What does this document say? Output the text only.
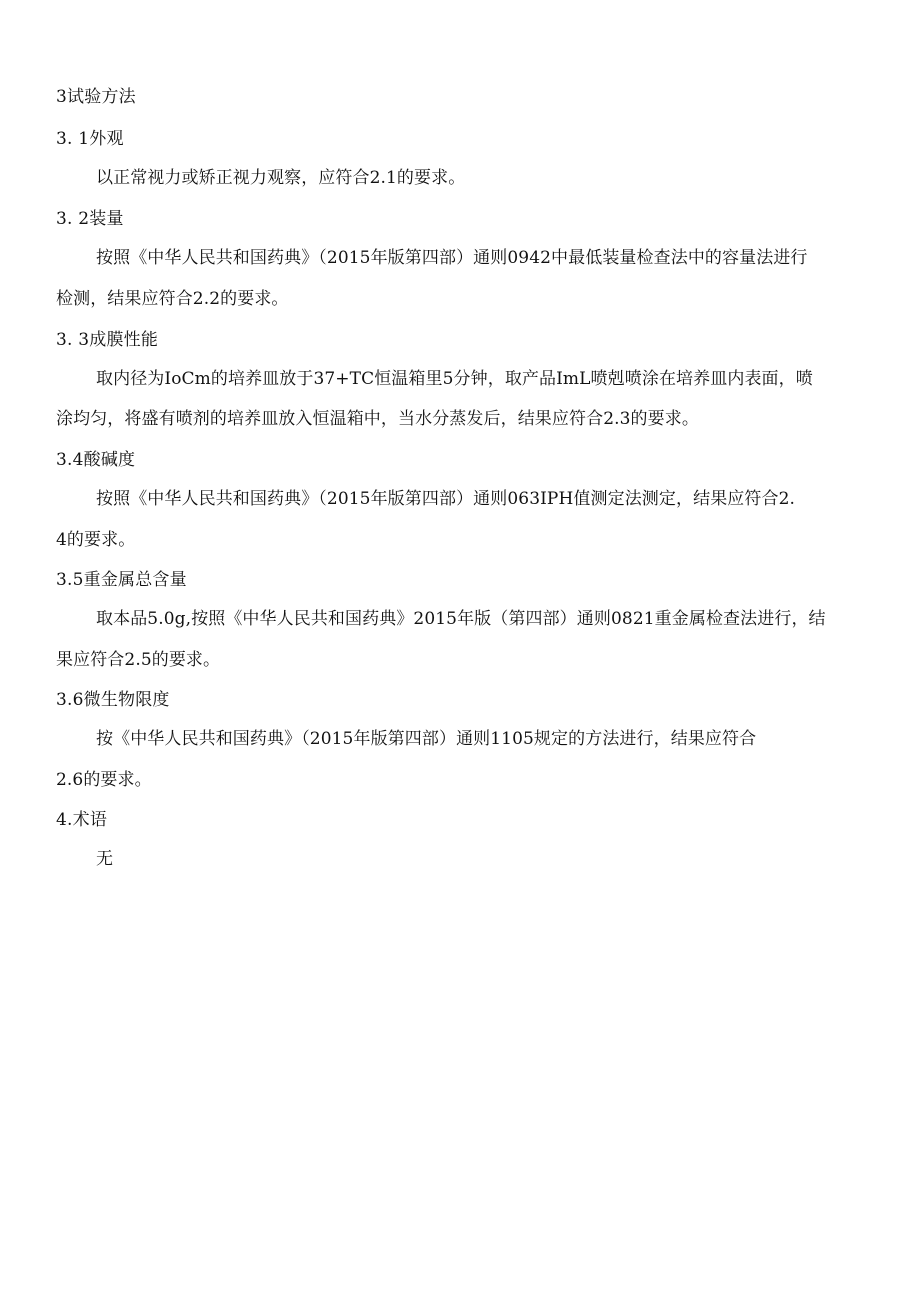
3试验方法
3. 1外观
以正常视力或矫正视力观察，应符合2.1的要求。
3. 2装量
按照《中华人民共和国药典》（2015年版第四部）通则0942中最低装量检查法中的容量法进行
检测，结果应符合2.2的要求。
3. 3成膜性能
取内径为IoCm的培养皿放于37+TC恒温箱里5分钟，取产品ImL喷剋喷涂在培养皿内表面，喷
涂均匀，将盛有喷剂的培养皿放入恒温箱中，当水分蒸发后，结果应符合2.3的要求。
3.4酸碱度
按照《中华人民共和国药典》（2015年版第四部）通则063IPH值测定法测定，结果应符合2.
4的要求。
3.5重金属总含量
取本品5.0g,按照《中华人民共和国药典》2015年版（第四部）通则0821重金属检查法进行，结
果应符合2.5的要求。
3.6微生物限度
按《中华人民共和国药典》（2015年版第四部）通则1105规定的方法进行，结果应符合
2.6的要求。
4.术语
无
